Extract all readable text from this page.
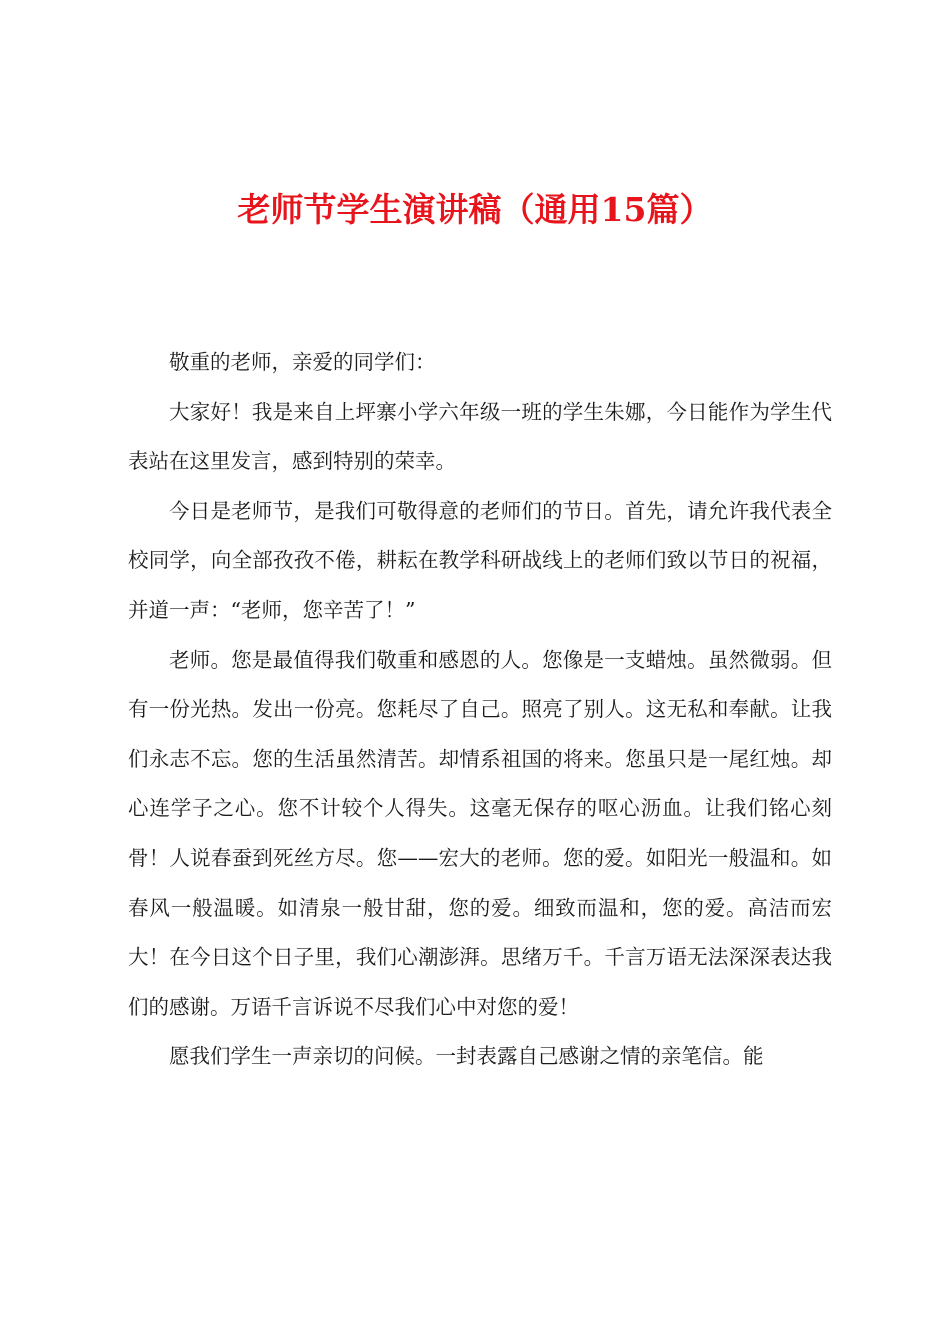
老师节学生演讲稿（通用15篇）

敬重的老师，亲爱的同学们：

大家好！我是来自上坪寨小学六年级一班的学生朱娜，今日能作为学生代表站在这里发言，感到特别的荣幸。

今日是老师节，是我们可敬得意的老师们的节日。首先，请允许我代表全校同学，向全部孜孜不倦，耕耘在教学科研战线上的老师们致以节日的祝福，并道一声：“老师，您辛苦了！”

老师。您是最值得我们敬重和感恩的人。您像是一支蜡烛。虽然微弱。但有一份光热。发出一份亮。您耗尽了自己。照亮了别人。这无私和奉献。让我们永志不忘。您的生活虽然清苦。却情系祖国的将来。您虽只是一尾红烛。却心连学子之心。您不计较个人得失。这毫无保存的呕心沥血。让我们铭心刻骨！人说春蚕到死丝方尽。您——宏大的老师。您的爱。如阳光一般温和。如春风一般温暖。如清泉一般甘甜，您的爱。细致而温和，您的爱。高洁而宏大！在今日这个日子里，我们心潮澎湃。思绪万千。千言万语无法深深表达我们的感谢。万语千言诉说不尽我们心中对您的爱！

愿我们学生一声亲切的问候。一封表露自己感谢之情的亲笔信。能
